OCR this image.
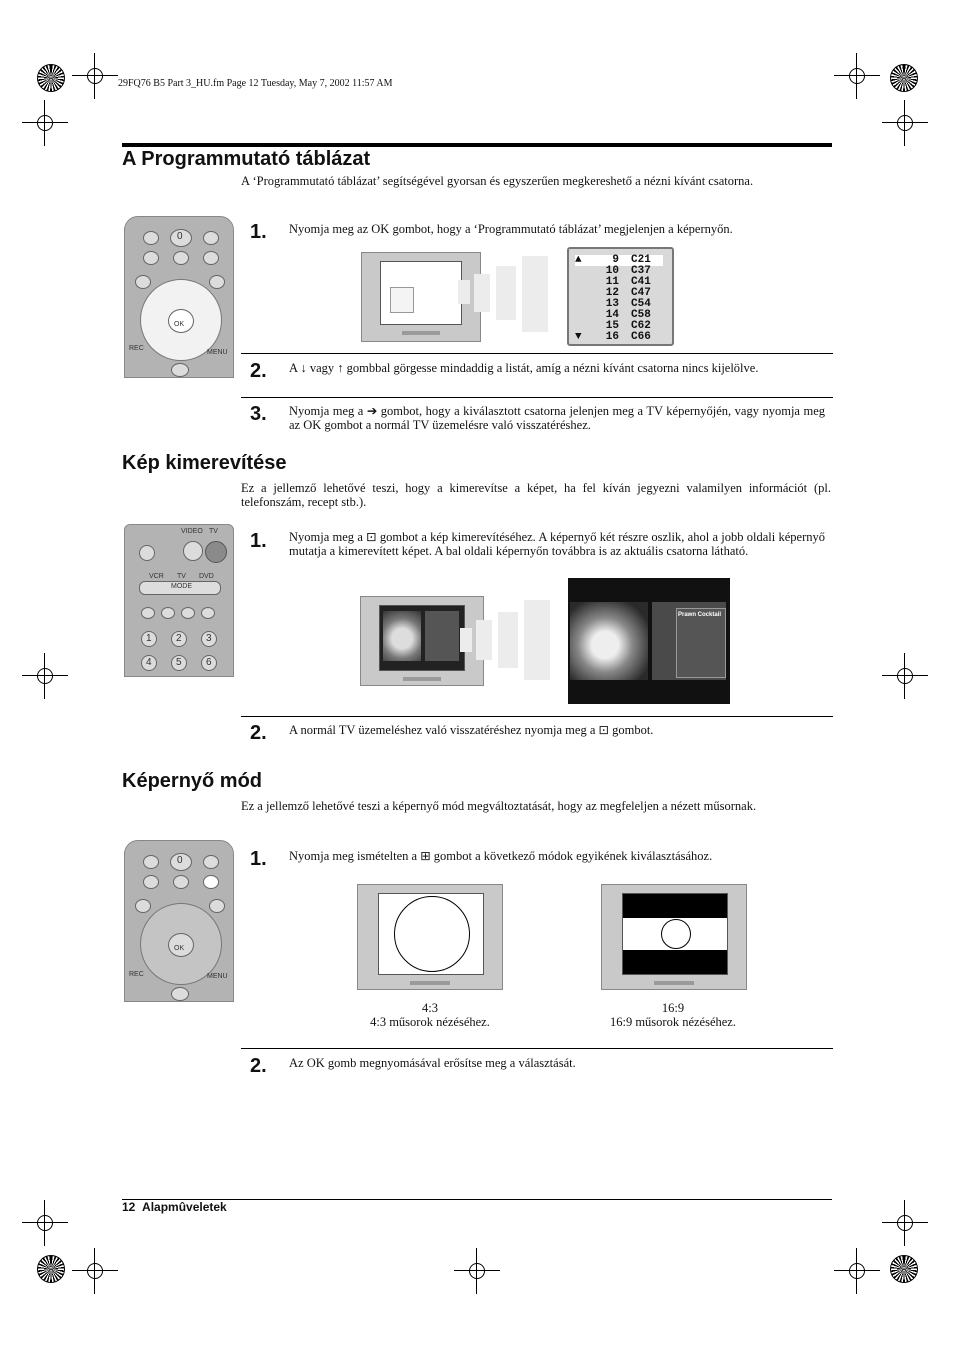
29FQ76 B5 Part 3_HU.fm Page 12 Tuesday, May 7, 2002 11:57 AM
A Programmutató táblázat
A ‘Programmutató táblázat’ segítségével gyorsan és egyszerűen megkereshető a nézni kívánt csatorna.
0
OK
REC
MENU
1. Nyomja meg az OK gombot, hogy a ‘Programmutató táblázat’ megjelenjen a képernyőn.
▲	9 C21
10 C37
11 C41
12 C47
13 C54
14 C58
15 C62
▼	16 C66
2. A ↓ vagy ↑ gombbal görgesse mindaddig a listát, amíg a nézni kívánt csatorna nincs kijelölve.
3. Nyomja meg a ➔ gombot, hogy a kiválasztott csatorna jelenjen meg a TV képernyőjén, vagy nyomja meg az OK gombot a normál TV üzemelésre való visszatéréshez.
Kép kimerevítése
Ez a jellemző lehetővé teszi, hogy a kimerevítse a képet, ha fel kíván jegyezni valamilyen információt (pl. telefonszám, recept stb.).
VIDEO TV
VCR TV DVD
MODE
1 2 3
4 5 6
1. Nyomja meg a ⊡ gombot a kép kimerevítéséhez. A képernyő két részre oszlik, ahol a jobb oldali képernyő mutatja a kimerevített képet. A bal oldali képernyőn továbbra is az aktuális csatorna látható.
Prawn Cocktail
2. A normál TV üzemeléshez való visszatéréshez nyomja meg a ⊡ gombot.
Képernyő mód
Ez a jellemző lehetővé teszi a képernyő mód megváltoztatását, hogy az megfeleljen a nézett műsornak.
0
OK
REC	MENU
1. Nyomja meg ismételten a ⊞ gombot a következő módok egyikének kiválasztásához.
4:3
4:3 műsorok nézéséhez.
16:9
16:9 műsorok nézéséhez.
2. Az OK gomb megnyomásával erősítse meg a választását.
12 Alapmûveletek
